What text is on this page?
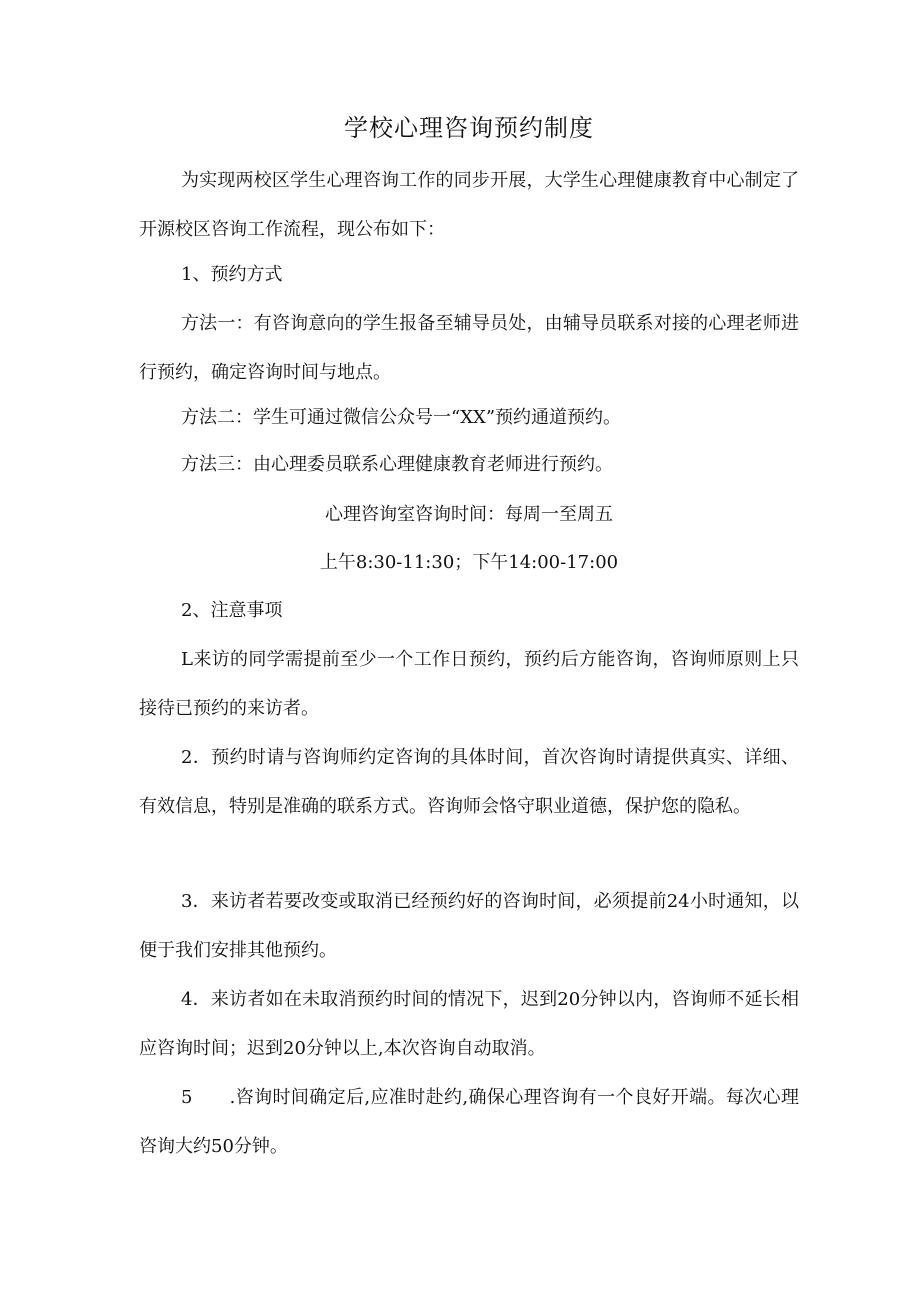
学校心理咨询预约制度

为实现两校区学生心理咨询工作的同步开展，大学生心理健康教育中心制定了开源校区咨询工作流程，现公布如下：

1、预约方式

方法一：有咨询意向的学生报备至辅导员处，由辅导员联系对接的心理老师进行预约，确定咨询时间与地点。

方法二：学生可通过微信公众号一“XX”预约通道预约。

方法三：由心理委员联系心理健康教育老师进行预约。

心理咨询室咨询时间：每周一至周五

上午8:30-11:30；下午14:00-17:00

2、注意事项

L来访的同学需提前至少一个工作日预约，预约后方能咨询，咨询师原则上只接待已预约的来访者。

2．预约时请与咨询师约定咨询的具体时间，首次咨询时请提供真实、详细、有效信息，特别是准确的联系方式。咨询师会恪守职业道德，保护您的隐私。

3．来访者若要改变或取消已经预约好的咨询时间，必须提前24小时通知，以便于我们安排其他预约。

4．来访者如在未取消预约时间的情况下，迟到20分钟以内，咨询师不延长相应咨询时间；迟到20分钟以上,本次咨询自动取消。

5　　.咨询时间确定后,应准时赴约,确保心理咨询有一个良好开端。每次心理咨询大约50分钟。
